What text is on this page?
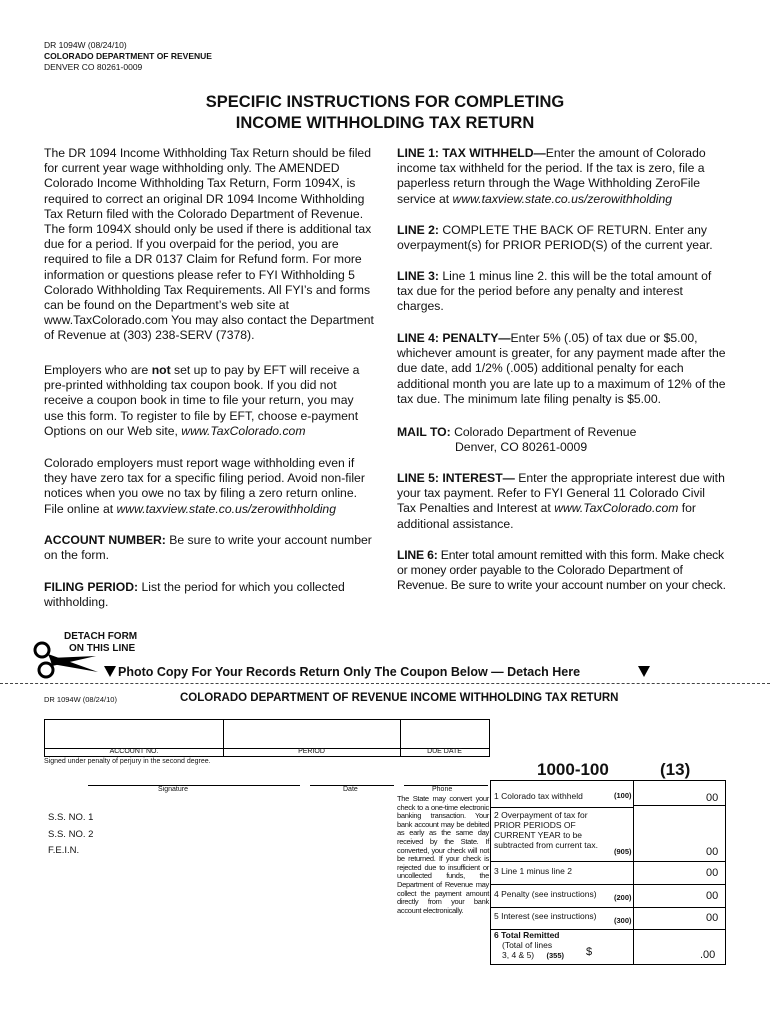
DR 1094W (08/24/10)
COLORADO DEPARTMENT OF REVENUE
DENVER CO 80261-0009
SPECIFIC INSTRUCTIONS FOR COMPLETING
INCOME WITHHOLDING TAX RETURN
The DR 1094 Income Withholding Tax Return should be filed for current year wage withholding only. The AMENDED Colorado Income Withholding Tax Return, Form 1094X, is required to correct an original DR 1094 Income Withholding Tax Return filed with the Colorado Department of Revenue. The form 1094X should only be used if there is additional tax due for a period. If you overpaid for the period, you are required to file a DR 0137 Claim for Refund form. For more information or questions please refer to FYI Withholding 5 Colorado Withholding Tax Requirements. All FYI’s and forms can be found on the Department’s web site at www.TaxColorado.com You may also contact the Department of Revenue at (303) 238-SERV (7378).
Employers who are not set up to pay by EFT will receive a pre-printed withholding tax coupon book. If you did not receive a coupon book in time to file your return, you may use this form. To register to file by EFT, choose e-payment Options on our Web site, www.TaxColorado.com
Colorado employers must report wage withholding even if they have zero tax for a specific filing period. Avoid non-filer notices when you owe no tax by filing a zero return online. File online at www.taxview.state.co.us/zerowithholding
ACCOUNT NUMBER: Be sure to write your account number on the form.
FILING PERIOD: List the period for which you collected withholding.
LINE 1: TAX WITHHELD—Enter the amount of Colorado income tax withheld for the period. If the tax is zero, file a paperless return through the Wage Withholding ZeroFile service at www.taxview.state.co.us/zerowithholding
LINE 2: COMPLETE THE BACK OF RETURN. Enter any overpayment(s) for PRIOR PERIOD(S) of the current year.
LINE 3: Line 1 minus line 2. this will be the total amount of tax due for the period before any penalty and interest charges.
LINE 4: PENALTY—Enter 5% (.05) of tax due or $5.00, whichever amount is greater, for any payment made after the due date, add 1/2% (.005) additional penalty for each additional month you are late up to a maximum of 12% of the tax due. The minimum late filing penalty is $5.00.
MAIL TO: Colorado Department of Revenue
Denver, CO 80261-0009
LINE 5: INTEREST— Enter the appropriate interest due with your tax payment. Refer to FYI General 11 Colorado Civil Tax Penalties and Interest at www.TaxColorado.com for additional assistance.
LINE 6: Enter total amount remitted with this form. Make check or money order payable to the Colorado Department of Revenue. Be sure to write your account number on your check.
DETACH FORM
ON THIS LINE
Photo Copy For Your Records Return Only The Coupon Below — Detach Here
DR 1094W (08/24/10)	COLORADO DEPARTMENT OF REVENUE INCOME WITHHOLDING TAX RETURN
ACCOUNT NO.	PERIOD	DUE DATE
Signed under penalty of perjury in the second degree.	1000-100	(13)
Signature	Date	Phone
S.S. NO. 1
S.S. NO. 2
F.E.I.N.
The State may convert your check to a one-time electronic banking transaction. Your bank account may be debited as early as the same day received by the State. If converted, your check will not be returned. If your check is rejected due to insufficient or uncollected funds, the Department of Revenue may collect the payment amount directly from your bank account electronically.
1 Colorado tax withheld	(100)	00
2 Overpayment of tax for PRIOR PERIODS OF CURRENT YEAR to be subtracted from current tax.
(905)	00
3 Line 1 minus line 2	00
4 Penalty (see instructions) (200)	00
5 Interest (see instructions) (300)	00
6 Total Remitted
(Total of lines
3, 4 & 5) (355) $	.00
